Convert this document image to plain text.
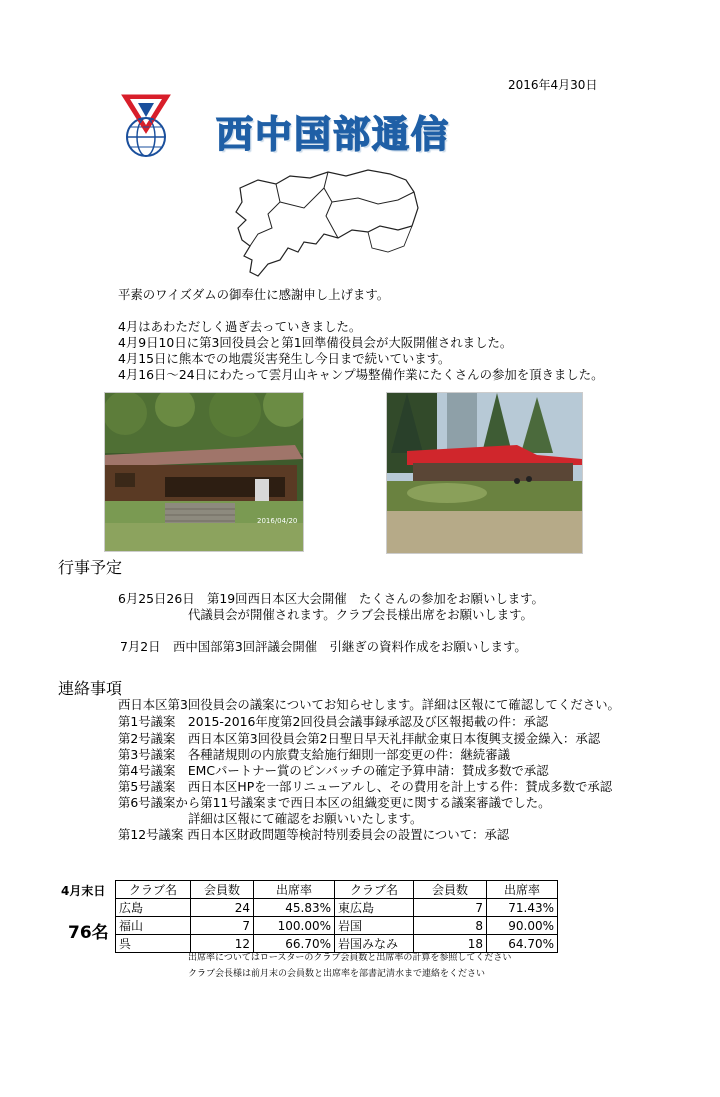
2016年4月30日
西中国部通信
平素のワイズダムの御奉仕に感謝申し上げます。
4月はあわただしく過ぎ去っていきました。
4月9日10日に第3回役員会と第1回準備役員会が大阪開催されました。
4月15日に熊本での地震災害発生し今日まで続いています。
4月16日～24日にわたって雲月山キャンプ場整備作業にたくさんの参加を頂きました。
2016/04/20
行事予定
6月25日26日　第19回西日本区大会開催　たくさんの参加をお願いします。
代議員会が開催されます。クラブ会長様出席をお願いします。
7月2日　西中国部第3回評議会開催　引継ぎの資料作成をお願いします。
連絡事項
西日本区第3回役員会の議案についてお知らせします。詳細は区報にて確認してください。
第1号議案　2015-2016年度第2回役員会議事録承認及び区報掲載の件：承認
第2号議案　西日本区第3回役員会第2日聖日早天礼拝献金東日本復興支援金繰入：承認
第3号議案　各種諸規則の内旅費支給施行細則一部変更の件：継続審議
第4号議案　EMCパートナー賞のピンバッチの確定予算申請：賛成多数で承認
第5号議案　西日本区HPを一部リニューアルし、その費用を計上する件：賛成多数で承認
第6号議案から第11号議案まで西日本区の組織変更に関する議案審議でした。
詳細は区報にて確認をお願いいたします。
第12号議案 西日本区財政問題等検討特別委員会の設置について：承認
4月末日
76名
クラブ名	会員数	出席率	クラブ名	会員数	出席率
広島	24	45.83%	東広島	7	71.43%
福山	7	100.00%	岩国	8	90.00%
呉	12	66.70%	岩国みなみ	18	64.70%
出席率についてはロースターのクラブ会員数と出席率の計算を参照してください
クラブ会長様は前月末の会員数と出席率を部書記清水まで連絡をください
